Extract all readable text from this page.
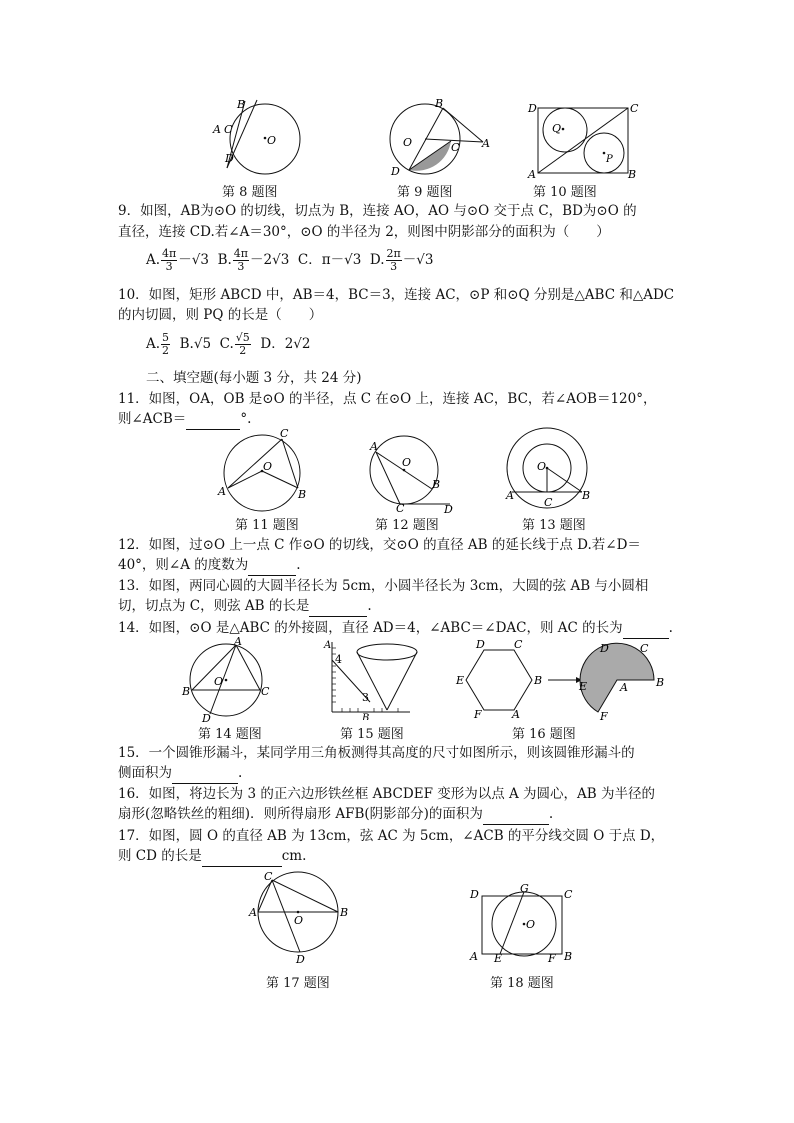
B
A C
D
O
第 8 题图
B
O	C A
D
第 9 题图
D	C
A	B
Q
P
第 10 题图
9．如图，AB为⊙O 的切线，切点为 B，连接 AO，AO 与⊙O 交于点 C，BD为⊙O 的
直径，连接 CD.若∠A＝30°，⊙O 的半径为 2，则图中阴影部分的面积为（　　）
A. $\frac{4\pi}{3} -√3$ B. $\frac{4\pi}{3} -2√3$ C．π－√3 D. $\frac{2\pi}{3} -√3$
10．如图，矩形 ABCD 中，AB＝4，BC＝3，连接 AC，⊙P 和⊙Q 分别是△ABC 和△ADC
的内切圆，则 PQ 的长是（　　）
A. $\frac{5}{2} B.√5$ C. $\frac{√5}{2}$ D．2√2
二、填空题(每小题 3 分，共 24 分)
11．如图，OA，OB 是⊙O 的半径，点 C 在⊙O 上，连接 AC，BC，若∠AOB＝120°，
则∠ACB＝	°.
C
O
A	B
第 11 题图
A
O
B
C	D
第 12 题图
O
A
C
B
第 13 题图
12．如图，过⊙O 上一点 C 作⊙O 的切线，交⊙O 的直径 AB 的延长线于点 D.若∠D＝
40°，则∠A 的度数为	.
13．如图，两同心圆的大圆半径长为 5cm，小圆半径长为 3cm，大圆的弦 AB 与小圆相
切，切点为 C，则弦 AB 的长是	.
14．如图，⊙O 是△ABC 的外接圆，直径 AD＝4，∠ABC＝∠DAC，则 AC 的长为	.
A
O
B	C
D
第 14 题图
A
4
3
B
第 15 题图
D	C
E	B
F	A
D	C
E	A	B
F
第 16 题图
15．一个圆锥形漏斗，某同学用三角板测得其高度的尺寸如图所示，则该圆锥形漏斗的
侧面积为	.
16．如图，将边长为 3 的正六边形铁丝框 ABCDEF 变形为以点 A 为圆心，AB 为半径的
扇形(忽略铁丝的粗细)．则所得扇形 AFB(阴影部分)的面积为	.
17．如图，圆 O 的直径 AB 为 13cm，弦 AC 为 5cm，∠ACB 的平分线交圆 O 于点 D，
则 CD 的长是	cm.
C
A	B
O
D
第 17 题图
D	G	C
O
A E	F B
第 18 题图
